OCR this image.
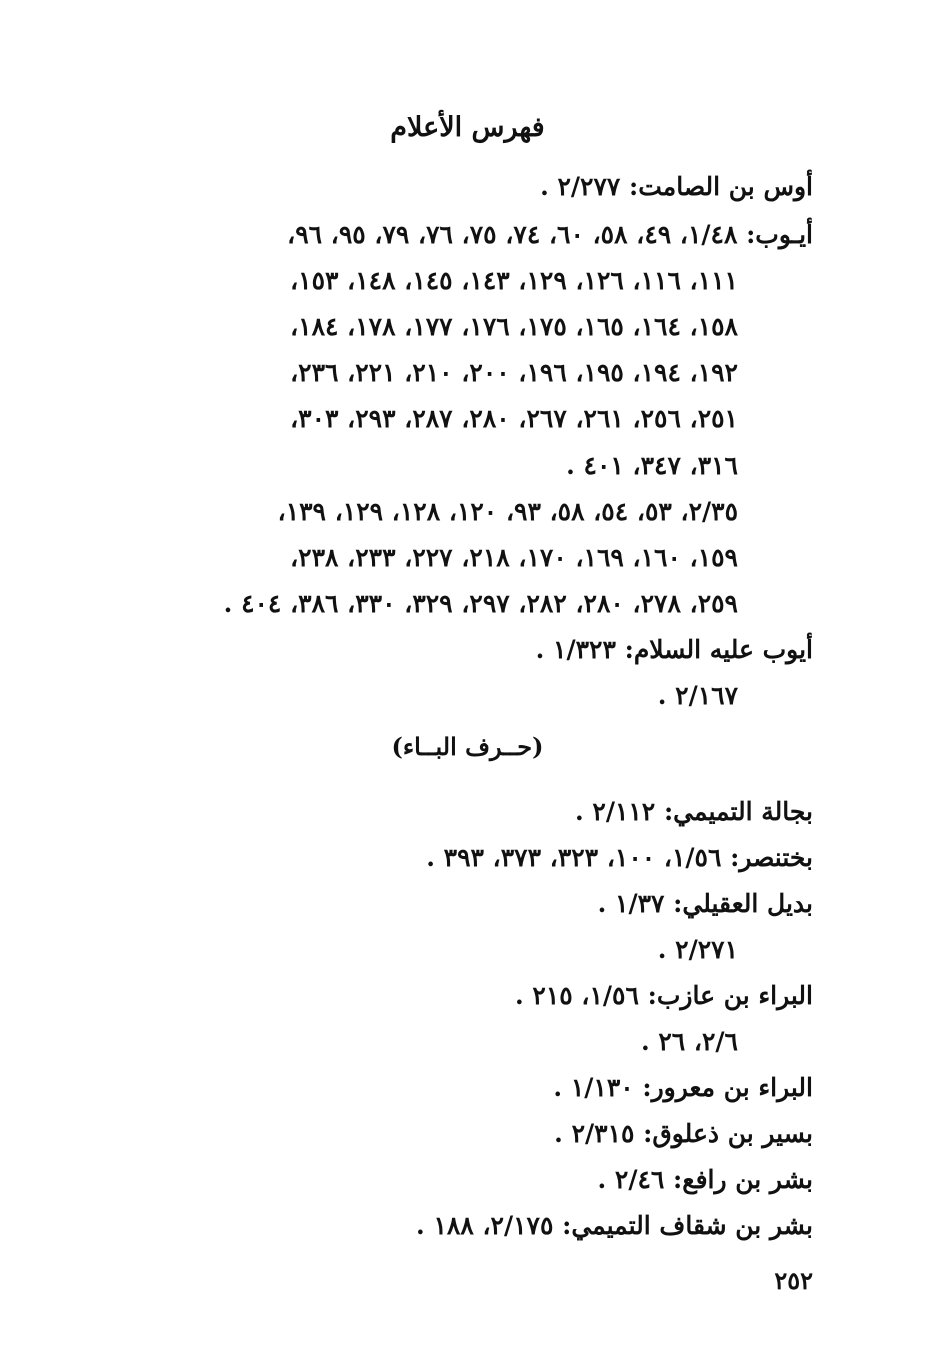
فهرس الأعلام
أوس بن الصامت: ٢/٢٧٧ .
أيـوب: ١/٤٨، ٤٩، ٥٨، ٦٠، ٧٤، ٧٥، ٧٦، ٧٩، ٩٥، ٩٦،
١١١، ١١٦، ١٢٦، ١٢٩، ١٤٣، ١٤٥، ١٤٨، ١٥٣،
١٥٨، ١٦٤، ١٦٥، ١٧٥، ١٧٦، ١٧٧، ١٧٨، ١٨٤،
١٩٢، ١٩٤، ١٩٥، ١٩٦، ٢٠٠، ٢١٠، ٢٢١، ٢٣٦،
٢٥١، ٢٥٦، ٢٦١، ٢٦٧، ٢٨٠، ٢٨٧، ٢٩٣، ٣٠٣،
٣١٦، ٣٤٧، ٤٠١ .
٢/٣٥، ٥٣، ٥٤، ٥٨، ٩٣، ١٢٠، ١٢٨، ١٢٩، ١٣٩،
١٥٩، ١٦٠، ١٦٩، ١٧٠، ٢١٨، ٢٢٧، ٢٣٣، ٢٣٨،
٢٥٩، ٢٧٨، ٢٨٠، ٢٨٢، ٢٩٧، ٣٢٩، ٣٣٠، ٣٨٦، ٤٠٤ .
أيوب عليه السلام: ١/٣٢٣ .
٢/١٦٧ .
(حــرف البــاء)
بجالة التميمي: ٢/١١٢ .
بختنصر: ١/٥٦، ١٠٠، ٣٢٣، ٣٧٣، ٣٩٣ .
بديل العقيلي: ١/٣٧ .
٢/٢٧١ .
البراء بن عازب: ١/٥٦، ٢١٥ .
٢/٦، ٢٦ .
البراء بن معرور: ١/١٣٠ .
بسير بن ذعلوق: ٢/٣١٥ .
بشر بن رافع: ٢/٤٦ .
بشر بن شقاف التميمي: ٢/١٧٥، ١٨٨ .
٢٥٢
